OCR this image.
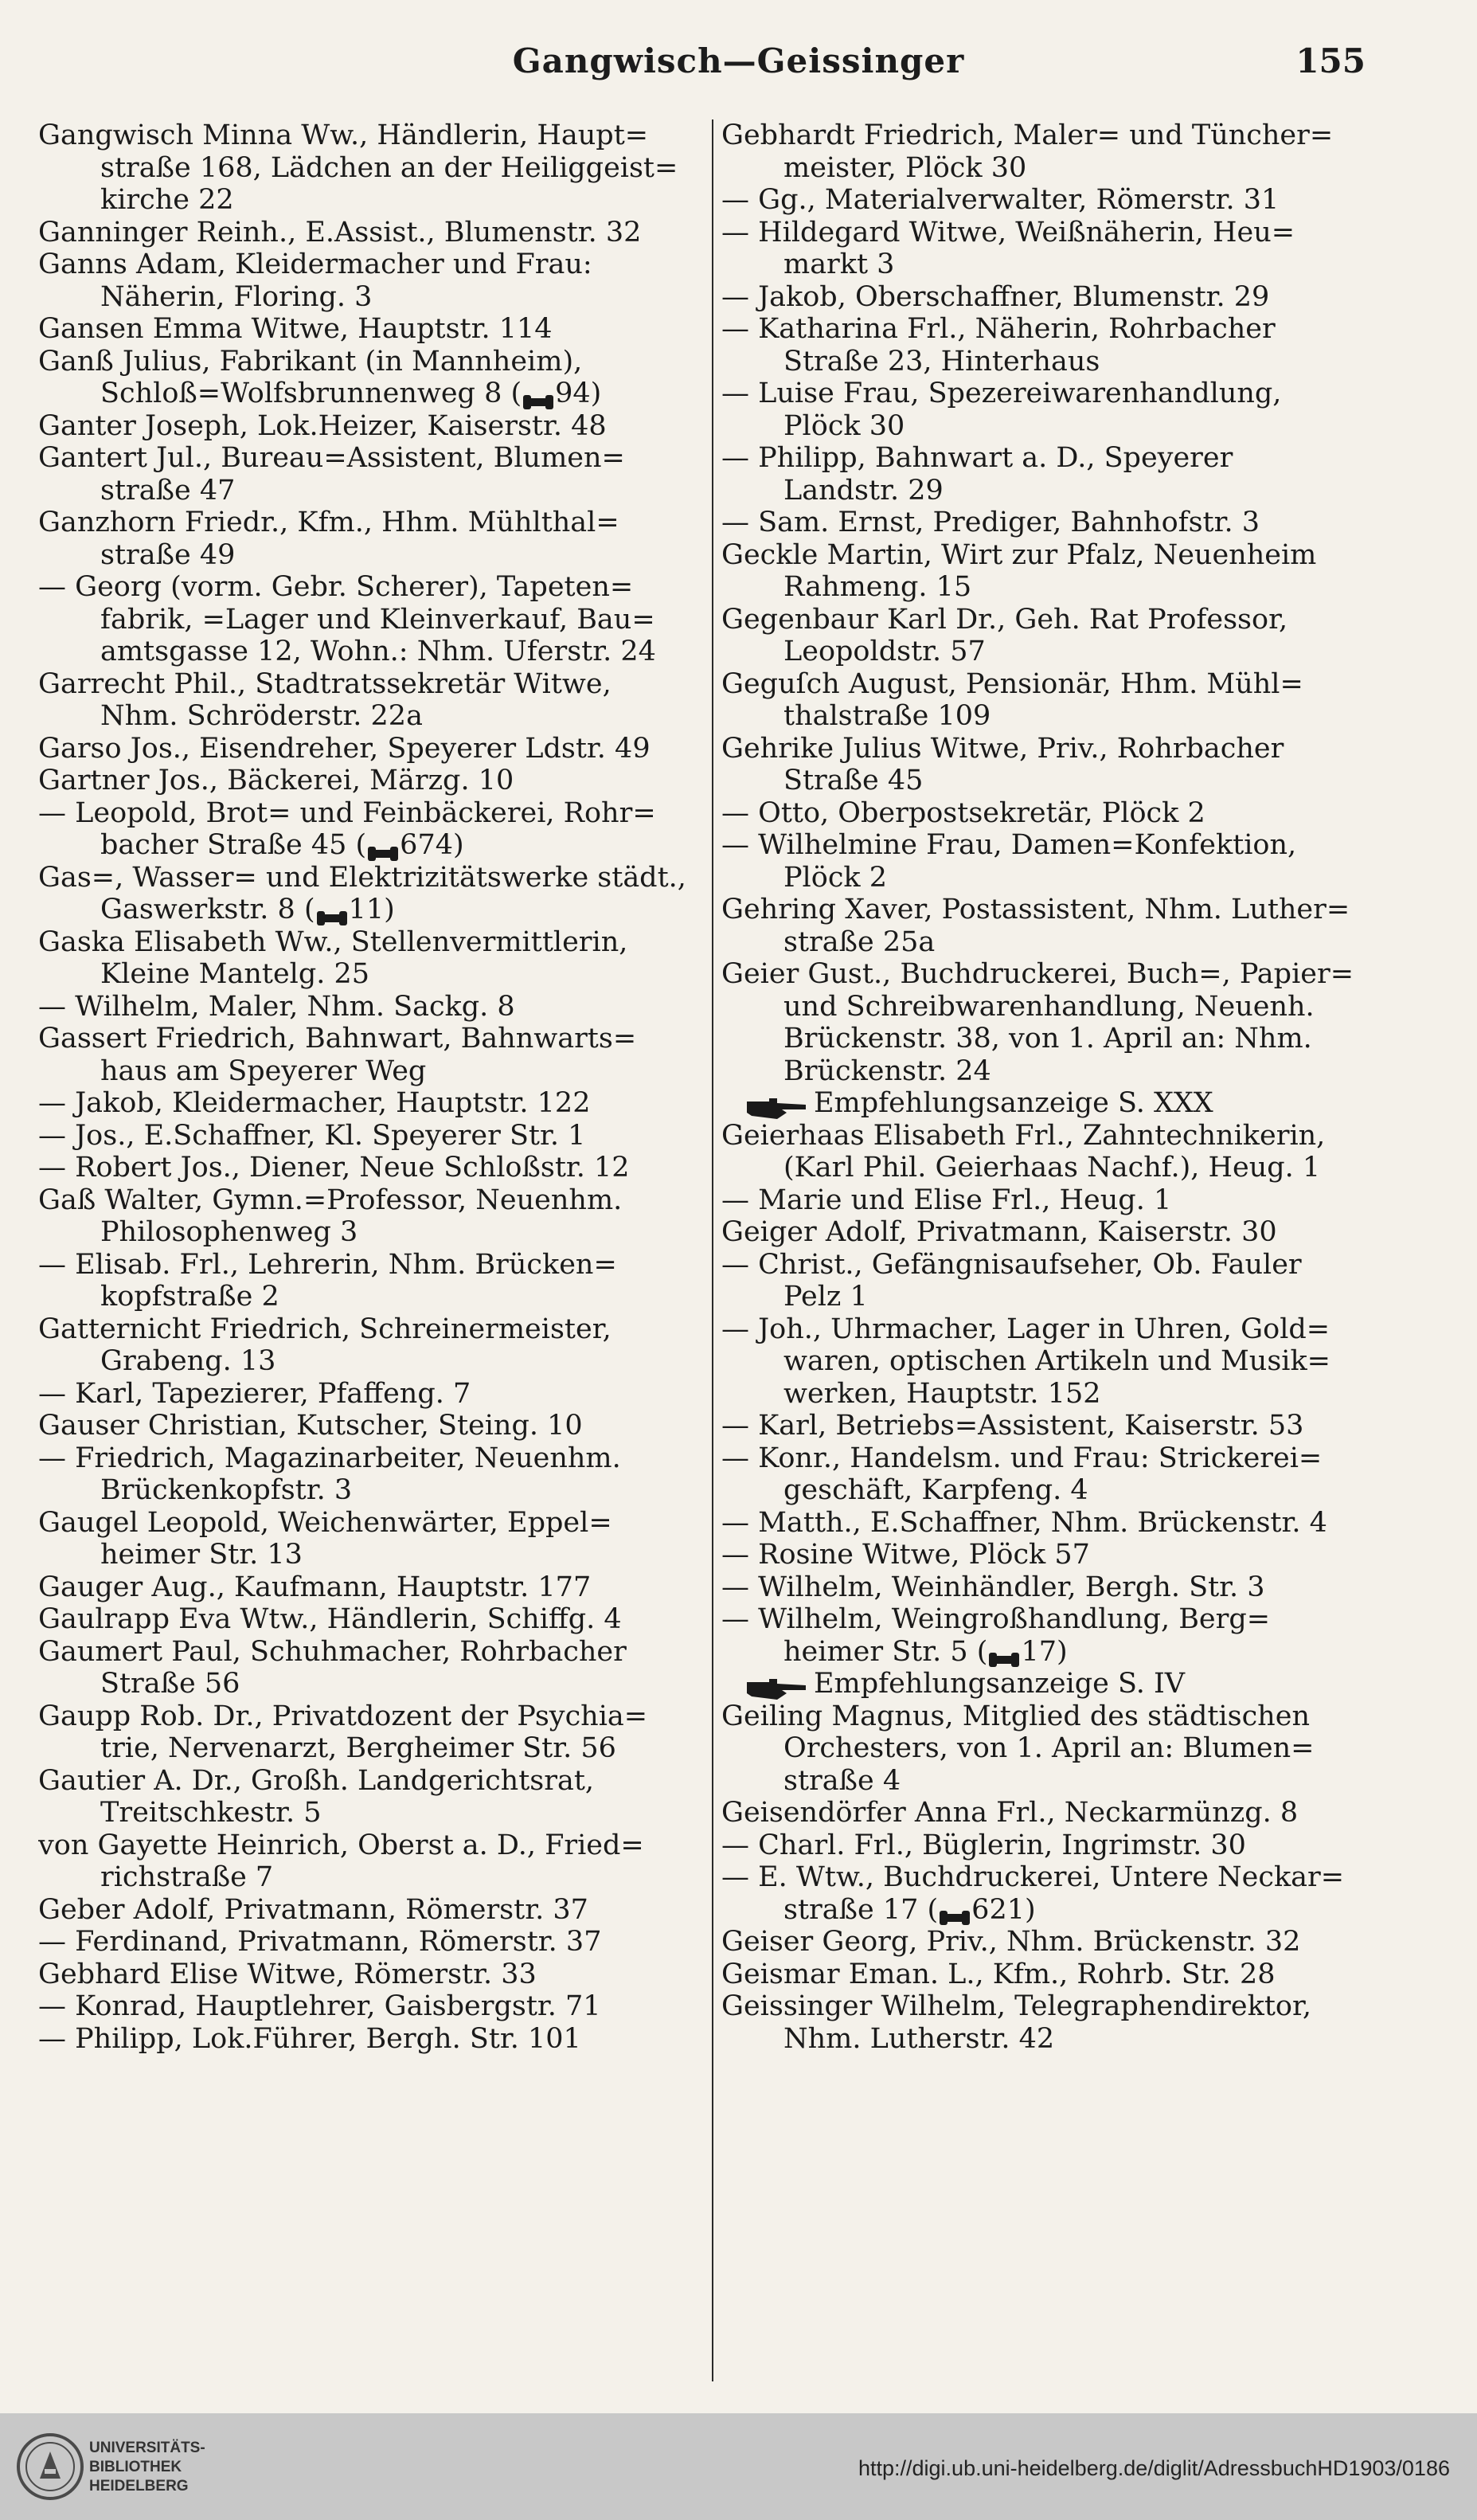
Gangwisch—Geissinger	155
Gangwisch Minna Ww., Händlerin, Haupt=
straße 168, Lädchen an der Heiliggeist=
kirche 22
Ganninger Reinh., E.Assist., Blumenstr. 32
Ganns Adam, Kleidermacher und Frau:
Näherin, Floring. 3
Gansen Emma Witwe, Hauptstr. 114
Ganß Julius, Fabrikant (in Mannheim),
Schloß=Wolfsbrunnenweg 8 ( 94)
Ganter Joseph, Lok.Heizer, Kaiserstr. 48
Gantert Jul., Bureau=Assistent, Blumen=
straße 47
Ganzhorn Friedr., Kfm., Hhm. Mühlthal=
straße 49
— Georg (vorm. Gebr. Scherer), Tapeten=
fabrik, =Lager und Kleinverkauf, Bau=
amtsgasse 12, Wohn.: Nhm. Uferstr. 24
Garrecht Phil., Stadtratssekretär Witwe,
Nhm. Schröderstr. 22a
Garso Jos., Eisendreher, Speyerer Ldstr. 49
Gartner Jos., Bäckerei, Märzg. 10
— Leopold, Brot= und Feinbäckerei, Rohr=
bacher Straße 45 ( 674)
Gas=, Wasser= und Elektrizitätswerke städt.,
Gaswerkstr. 8 ( 11)
Gaska Elisabeth Ww., Stellenvermittlerin,
Kleine Mantelg. 25
— Wilhelm, Maler, Nhm. Sackg. 8
Gassert Friedrich, Bahnwart, Bahnwarts=
haus am Speyerer Weg
— Jakob, Kleidermacher, Hauptstr. 122
— Jos., E.Schaffner, Kl. Speyerer Str. 1
— Robert Jos., Diener, Neue Schloßstr. 12
Gaß Walter, Gymn.=Professor, Neuenhm.
Philosophenweg 3
— Elisab. Frl., Lehrerin, Nhm. Brücken=
kopfstraße 2
Gatternicht Friedrich, Schreinermeister,
Grabeng. 13
— Karl, Tapezierer, Pfaffeng. 7
Gauser Christian, Kutscher, Steing. 10
— Friedrich, Magazinarbeiter, Neuenhm.
Brückenkopfstr. 3
Gaugel Leopold, Weichenwärter, Eppel=
heimer Str. 13
Gauger Aug., Kaufmann, Hauptstr. 177
Gaulrapp Eva Wtw., Händlerin, Schiffg. 4
Gaumert Paul, Schuhmacher, Rohrbacher
Straße 56
Gaupp Rob. Dr., Privatdozent der Psychia=
trie, Nervenarzt, Bergheimer Str. 56
Gautier A. Dr., Großh. Landgerichtsrat,
Treitschkestr. 5
von Gayette Heinrich, Oberst a. D., Fried=
richstraße 7
Geber Adolf, Privatmann, Römerstr. 37
— Ferdinand, Privatmann, Römerstr. 37
Gebhard Elise Witwe, Römerstr. 33
— Konrad, Hauptlehrer, Gaisbergstr. 71
— Philipp, Lok.Führer, Bergh. Str. 101
Gebhardt Friedrich, Maler= und Tüncher=
meister, Plöck 30
— Gg., Materialverwalter, Römerstr. 31
— Hildegard Witwe, Weißnäherin, Heu=
markt 3
— Jakob, Oberschaffner, Blumenstr. 29
— Katharina Frl., Näherin, Rohrbacher
Straße 23, Hinterhaus
— Luise Frau, Spezereiwarenhandlung,
Plöck 30
— Philipp, Bahnwart a. D., Speyerer
Landstr. 29
— Sam. Ernst, Prediger, Bahnhofstr. 3
Geckle Martin, Wirt zur Pfalz, Neuenheim
Rahmeng. 15
Gegenbaur Karl Dr., Geh. Rat Professor,
Leopoldstr. 57
Geguſch August, Pensionär, Hhm. Mühl=
thalstraße 109
Gehrike Julius Witwe, Priv., Rohrbacher
Straße 45
— Otto, Oberpostsekretär, Plöck 2
— Wilhelmine Frau, Damen=Konfektion,
Plöck 2
Gehring Xaver, Postassistent, Nhm. Luther=
straße 25a
Geier Gust., Buchdruckerei, Buch=, Papier=
und Schreibwarenhandlung, Neuenh.
Brückenstr. 38, von 1. April an: Nhm.
Brückenstr. 24
Empfehlungsanzeige S. XXX
Geierhaas Elisabeth Frl., Zahntechnikerin,
(Karl Phil. Geierhaas Nachf.), Heug. 1
— Marie und Elise Frl., Heug. 1
Geiger Adolf, Privatmann, Kaiserstr. 30
— Christ., Gefängnisaufseher, Ob. Fauler
Pelz 1
— Joh., Uhrmacher, Lager in Uhren, Gold=
waren, optischen Artikeln und Musik=
werken, Hauptstr. 152
— Karl, Betriebs=Assistent, Kaiserstr. 53
— Konr., Handelsm. und Frau: Strickerei=
geschäft, Karpfeng. 4
— Matth., E.Schaffner, Nhm. Brückenstr. 4
— Rosine Witwe, Plöck 57
— Wilhelm, Weinhändler, Bergh. Str. 3
— Wilhelm, Weingroßhandlung, Berg=
heimer Str. 5 ( 17)
Empfehlungsanzeige S. IV
Geiling Magnus, Mitglied des städtischen
Orchesters, von 1. April an: Blumen=
straße 4
Geisendörfer Anna Frl., Neckarmünzg. 8
— Charl. Frl., Büglerin, Ingrimstr. 30
— E. Wtw., Buchdruckerei, Untere Neckar=
straße 17 ( 621)
Geiser Georg, Priv., Nhm. Brückenstr. 32
Geismar Eman. L., Kfm., Rohrb. Str. 28
Geissinger Wilhelm, Telegraphendirektor,
Nhm. Lutherstr. 42
UNIVERSITÄTS-
BIBLIOTHEK
HEIDELBERG
http://digi.ub.uni-heidelberg.de/diglit/AdressbuchHD1903/0186
